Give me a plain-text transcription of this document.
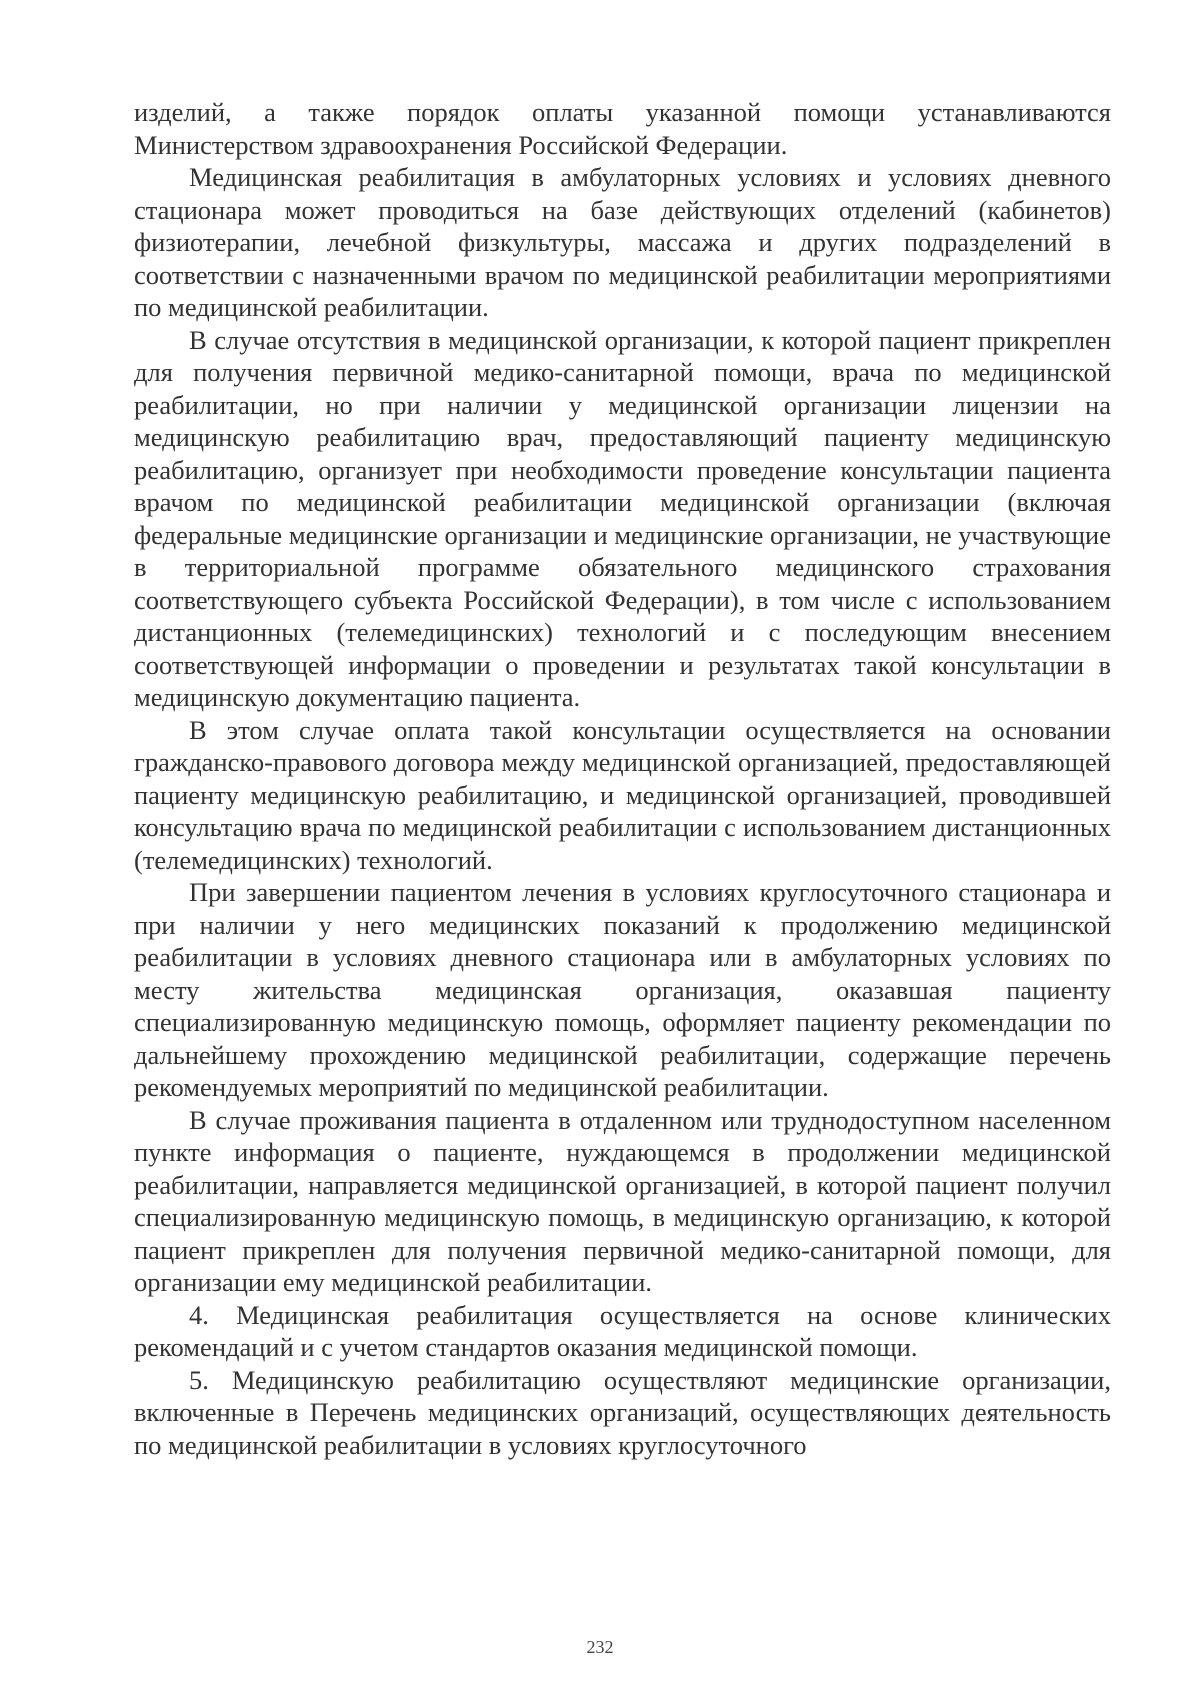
изделий, а также порядок оплаты указанной помощи устанавливаются Министерством здравоохранения Российской Федерации.

Медицинская реабилитация в амбулаторных условиях и условиях дневного стационара может проводиться на базе действующих отделений (кабинетов) физиотерапии, лечебной физкультуры, массажа и других подразделений в соответствии с назначенными врачом по медицинской реабилитации мероприятиями по медицинской реабилитации.

В случае отсутствия в медицинской организации, к которой пациент прикреплен для получения первичной медико-санитарной помощи, врача по медицинской реабилитации, но при наличии у медицинской организации лицензии на медицинскую реабилитацию врач, предоставляющий пациенту медицинскую реабилитацию, организует при необходимости проведение консультации пациента врачом по медицинской реабилитации медицинской организации (включая федеральные медицинские организации и медицинские организации, не участвующие в территориальной программе обязательного медицинского страхования соответствующего субъекта Российской Федерации), в том числе с использованием дистанционных (телемедицинских) технологий и с последующим внесением соответствующей информации о проведении и результатах такой консультации в медицинскую документацию пациента.

В этом случае оплата такой консультации осуществляется на основании гражданско-правового договора между медицинской организацией, предоставляющей пациенту медицинскую реабилитацию, и медицинской организацией, проводившей консультацию врача по медицинской реабилитации с использованием дистанционных (телемедицинских) технологий.

При завершении пациентом лечения в условиях круглосуточного стационара и при наличии у него медицинских показаний к продолжению медицинской реабилитации в условиях дневного стационара или в амбулаторных условиях по месту жительства медицинская организация, оказавшая пациенту специализированную медицинскую помощь, оформляет пациенту рекомендации по дальнейшему прохождению медицинской реабилитации, содержащие перечень рекомендуемых мероприятий по медицинской реабилитации.

В случае проживания пациента в отдаленном или труднодоступном населенном пункте информация о пациенте, нуждающемся в продолжении медицинской реабилитации, направляется медицинской организацией, в которой пациент получил специализированную медицинскую помощь, в медицинскую организацию, к которой пациент прикреплен для получения первичной медико-санитарной помощи, для организации ему медицинской реабилитации.

4. Медицинская реабилитация осуществляется на основе клинических рекомендаций и с учетом стандартов оказания медицинской помощи.

5. Медицинскую реабилитацию осуществляют медицинские организации, включенные в Перечень медицинских организаций, осуществляющих деятельность по медицинской реабилитации в условиях круглосуточного

232
